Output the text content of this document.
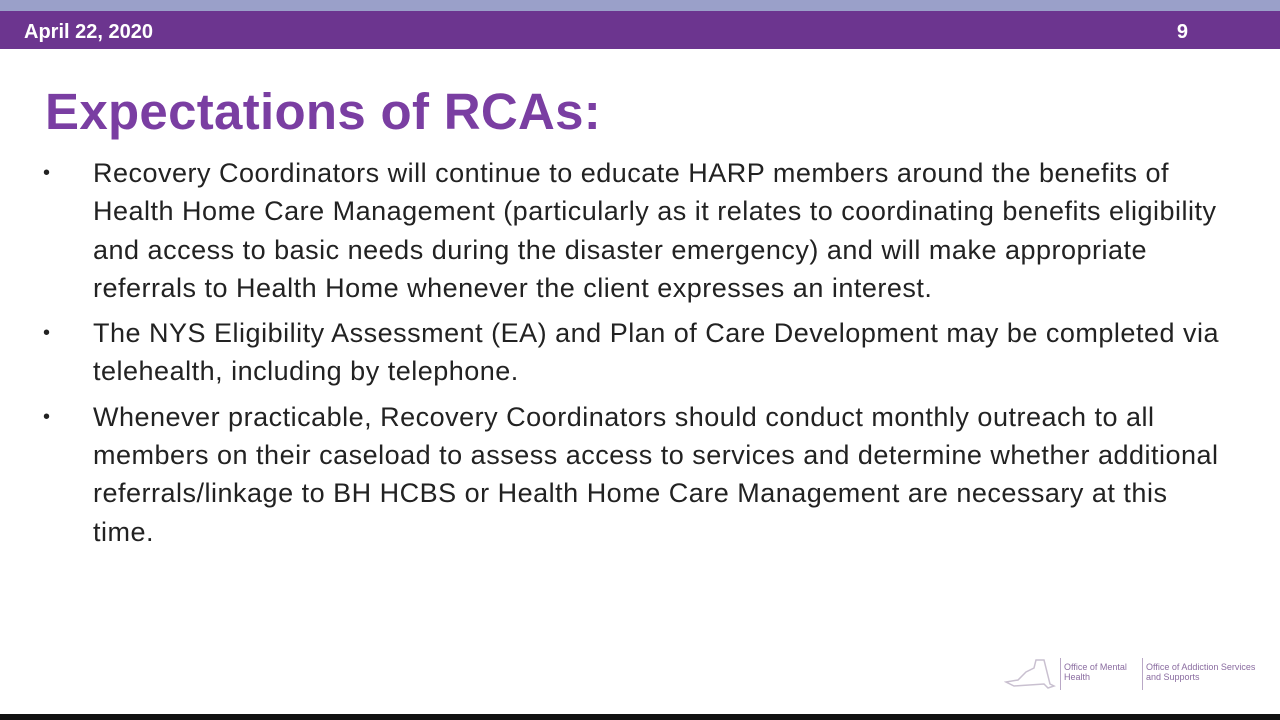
April 22, 2020	9
Expectations of RCAs:
• Recovery Coordinators will continue to educate HARP members around the benefits of Health Home Care Management (particularly as it relates to coordinating benefits eligibility and access to basic needs during the disaster emergency) and will make appropriate referrals to Health Home whenever the client expresses an interest.
• The NYS Eligibility Assessment (EA) and Plan of Care Development may be completed via telehealth, including by telephone.
• Whenever practicable, Recovery Coordinators should conduct monthly outreach to all members on their caseload to assess access to services and determine whether additional referrals/linkage to BH HCBS or Health Home Care Management are necessary at this time.
Office of Mental Health
Office of Addiction Services and Supports
